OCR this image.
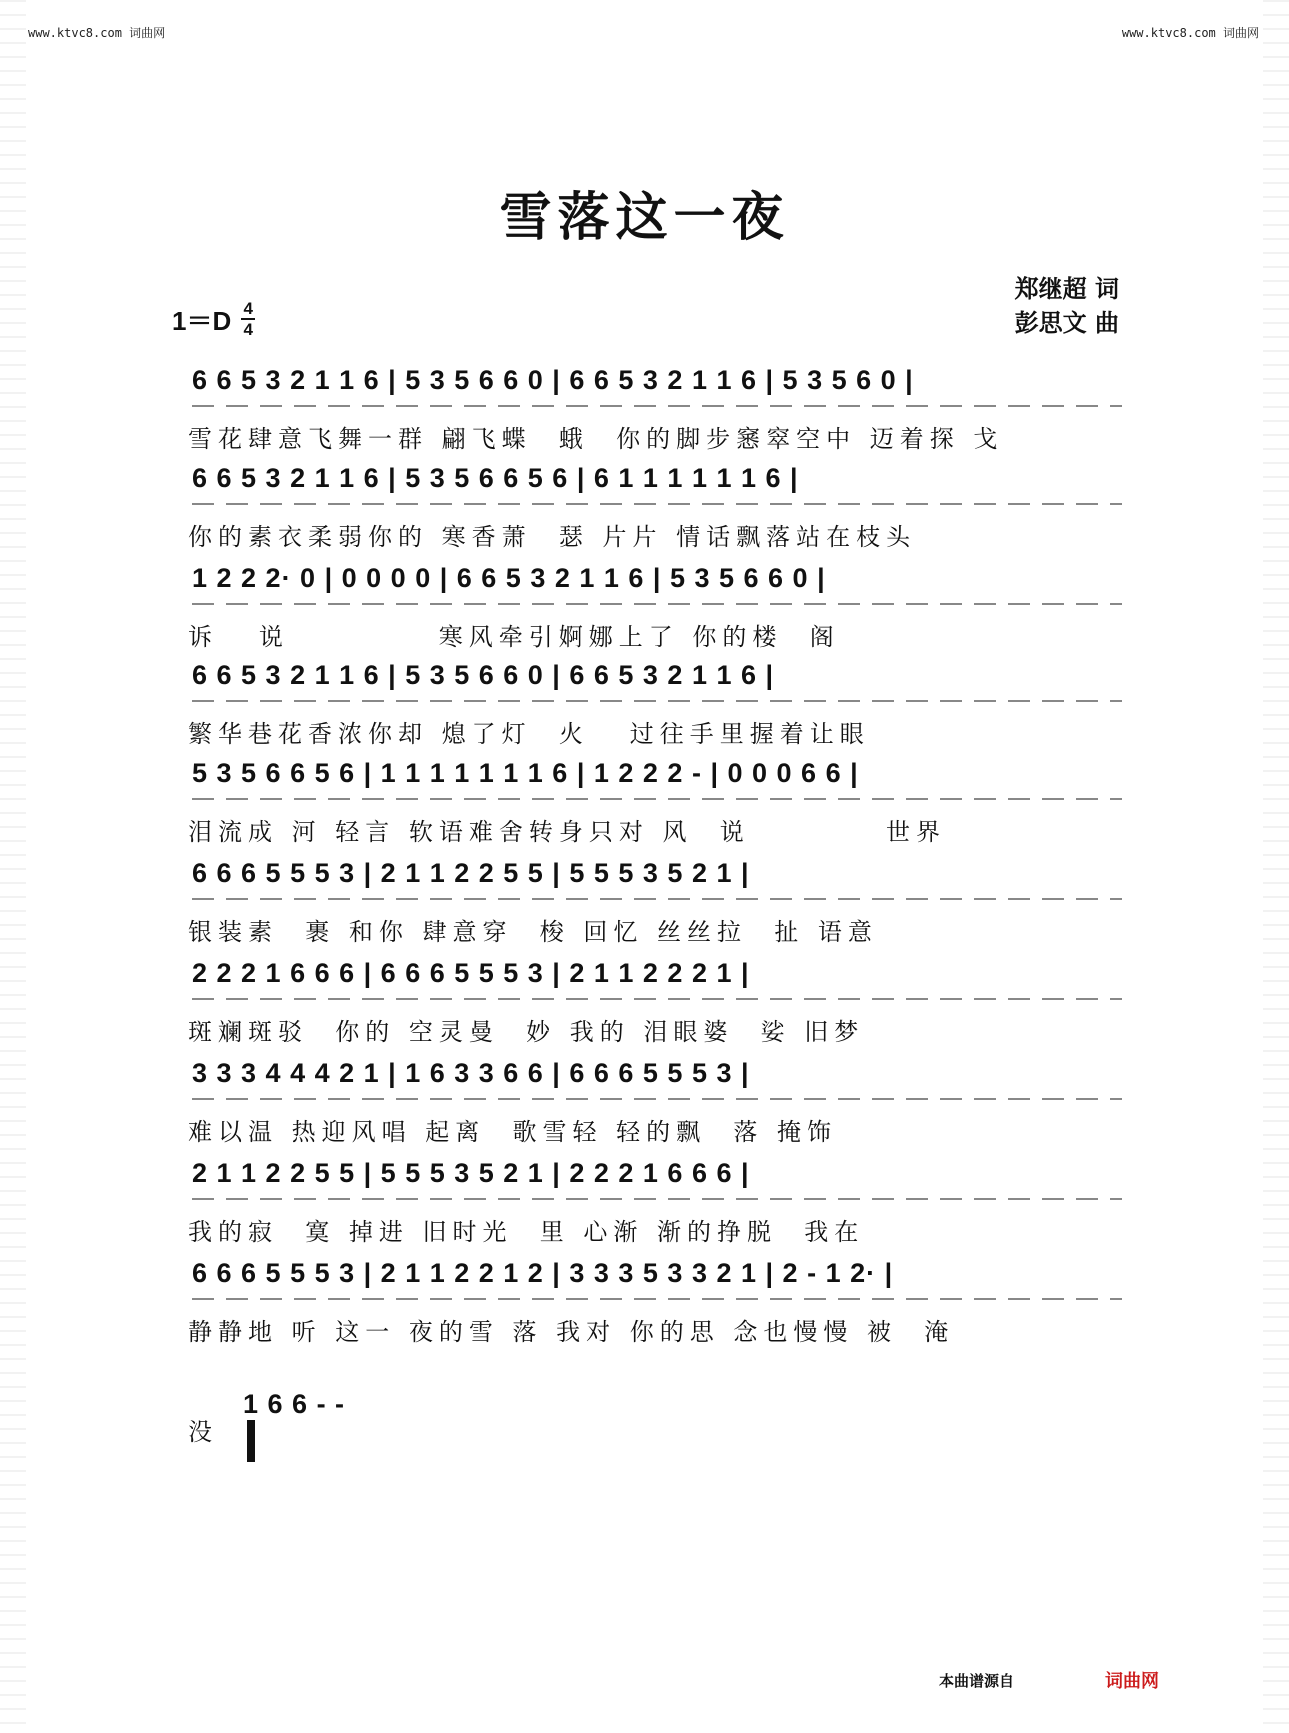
www.ktvc8.com 词曲网	www.ktvc8.com 词曲网
雪落这一夜
1＝D 4
4
郑继超 词
彭思文 曲
6 6 5 3 2 1 1 6 | 5 3 5 6 6 0 | 6 6 5 3 2 1 1 6 | 5 3 5 6 0 |
雪花肆意飞舞一群 翩飞蝶  蛾  你的脚步窸窣空中 迈着探 戈
6 6 5 3 2 1 1 6 | 5 3 5 6 6 5 6 | 6 1 1 1 1 1 1 6 |
你的素衣柔弱你的 寒香萧  瑟 片片 情话飘落站在枝头
1 2 2 2· 0 | 0 0 0 0 | 6 6 5 3 2 1 1 6 | 5 3 5 6 6 0 |
诉   说           寒风牵引婀娜上了 你的楼  阁
6 6 5 3 2 1 1 6 | 5 3 5 6 6 0 | 6 6 5 3 2 1 1 6 |
繁华巷花香浓你却 熄了灯  火   过往手里握着让眼
5 3 5 6 6 5 6 | 1 1 1 1 1 1 1 6 | 1 2 2 2 - | 0 0 0 6 6 |
泪流成 河 轻言 软语难舍转身只对 风  说          世界
6 6 6 5 5 5 3 | 2 1 1 2 2 5 5 | 5 5 5 3 5 2 1 |
银装素  裹 和你 肆意穿  梭 回忆 丝丝拉  扯 语意
2 2 2 1 6 6 6 | 6 6 6 5 5 5 3 | 2 1 1 2 2 2 1 |
斑斓斑驳  你的 空灵曼  妙 我的 泪眼婆  娑 旧梦
3 3 3 4 4 4 2 1 | 1 6 3 3 6 6 | 6 6 6 5 5 5 3 |
难以温 热迎风唱 起离  歌雪轻 轻的飘  落 掩饰
2 1 1 2 2 5 5 | 5 5 5 3 5 2 1 | 2 2 2 1 6 6 6 |
我的寂  寞 掉进 旧时光  里 心渐 渐的挣脱  我在
6 6 6 5 5 5 3 | 2 1 1 2 2 1 2 | 3 3 3 5 3 3 2 1 | 2 - 1 2· |
静静地 听 这一 夜的雪 落 我对 你的思 念也慢慢 被  淹

1 6 6 - -

没
本曲谱源自	词曲网
